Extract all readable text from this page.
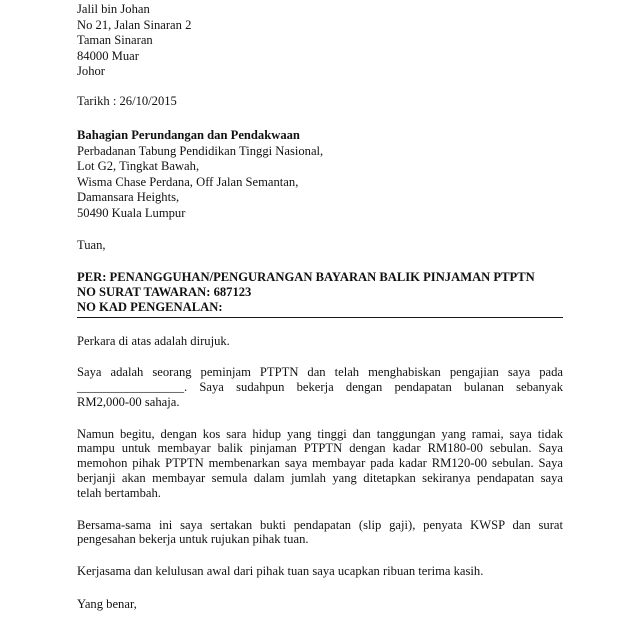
Jalil bin Johan
No 21, Jalan Sinaran 2
Taman Sinaran
84000 Muar
Johor
Tarikh : 26/10/2015
Bahagian Perundangan dan Pendakwaan
Perbadanan Tabung Pendidikan Tinggi Nasional,
Lot G2, Tingkat Bawah,
Wisma Chase Perdana, Off Jalan Semantan,
Damansara Heights,
50490 Kuala Lumpur
Tuan,
PER: PENANGGUHAN/PENGURANGAN BAYARAN BALIK PINJAMAN PTPTN
NO SURAT TAWARAN: 687123
NO KAD PENGENALAN:
Perkara di atas adalah dirujuk.
Saya adalah seorang peminjam PTPTN dan telah menghabiskan pengajian saya pada
_________________. Saya sudahpun bekerja dengan pendapatan bulanan sebanyak
RM2,000-00 sahaja.
Namun begitu, dengan kos sara hidup yang tinggi dan tanggungan yang ramai, saya tidak
mampu untuk membayar balik pinjaman PTPTN dengan kadar RM180-00 sebulan. Saya
memohon pihak PTPTN membenarkan saya membayar pada kadar RM120-00 sebulan. Saya
berjanji akan membayar semula dalam jumlah yang ditetapkan sekiranya pendapatan saya
telah bertambah.
Bersama-sama ini saya sertakan bukti pendapatan (slip gaji), penyata KWSP dan surat
pengesahan bekerja untuk rujukan pihak tuan.
Kerjasama dan kelulusan awal dari pihak tuan saya ucapkan ribuan terima kasih.
Yang benar,
